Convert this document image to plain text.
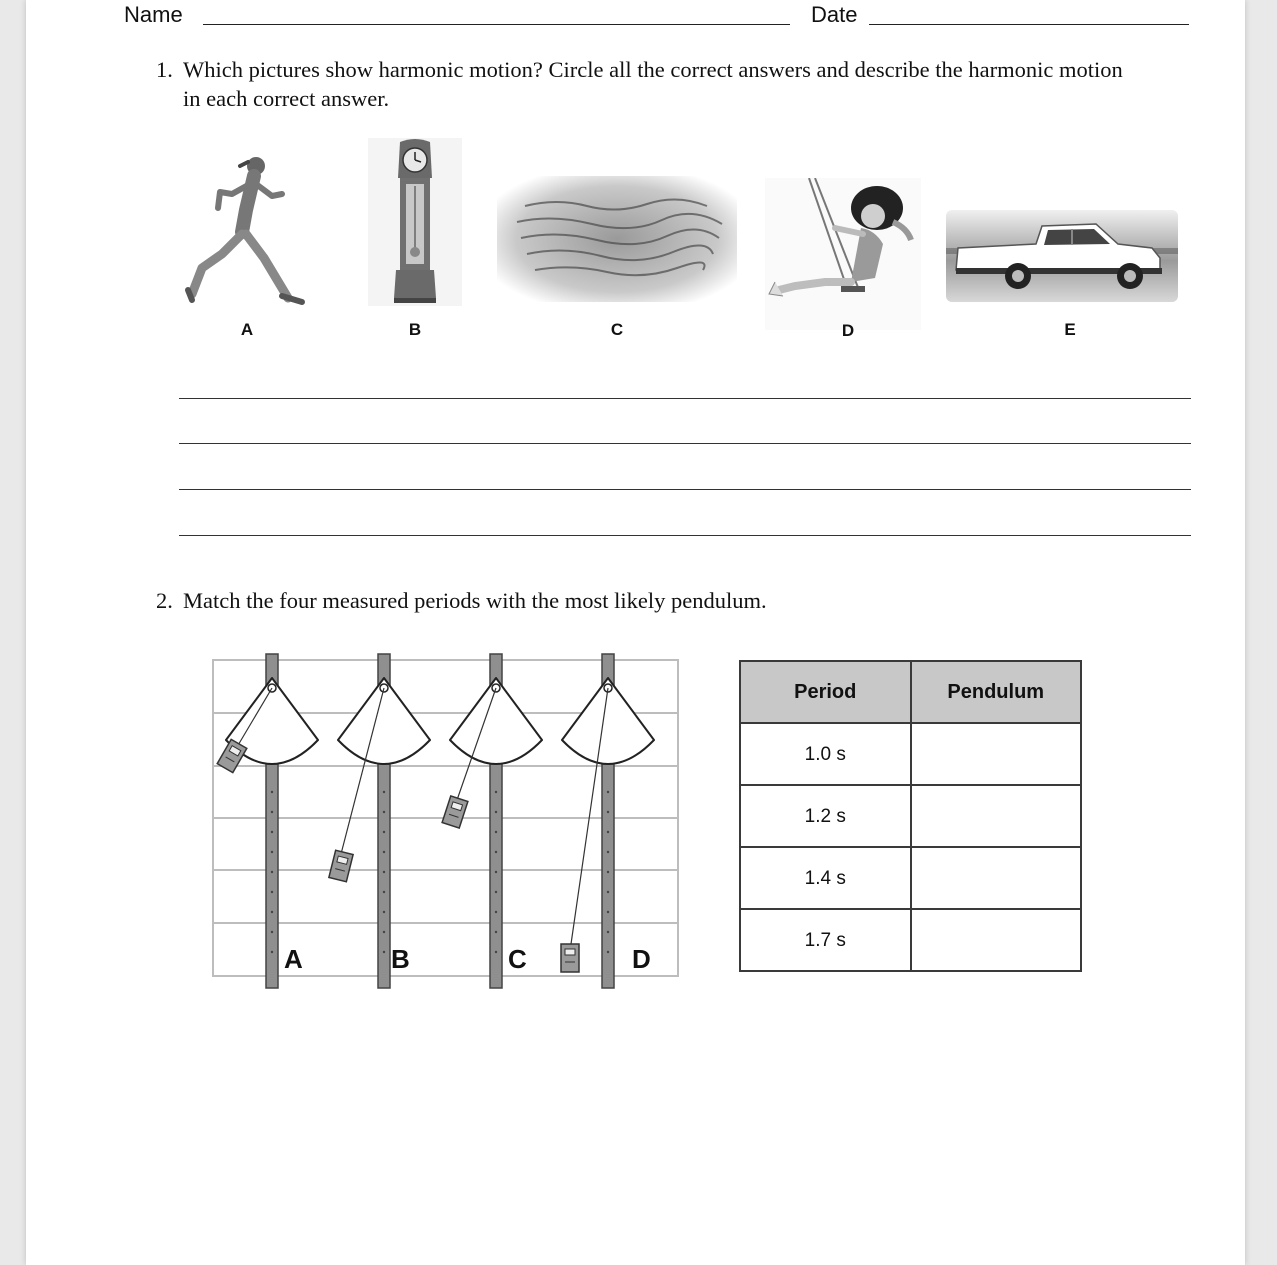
Name	Date
1. Which pictures show harmonic motion? Circle all the correct answers and describe the harmonic motion
in each correct answer.
A	B	C	D	E
2. Match the four measured periods with the most likely pendulum.
A	B	C	D
Period	Pendulum
1.0 s	
1.2 s	
1.4 s	
1.7 s	
